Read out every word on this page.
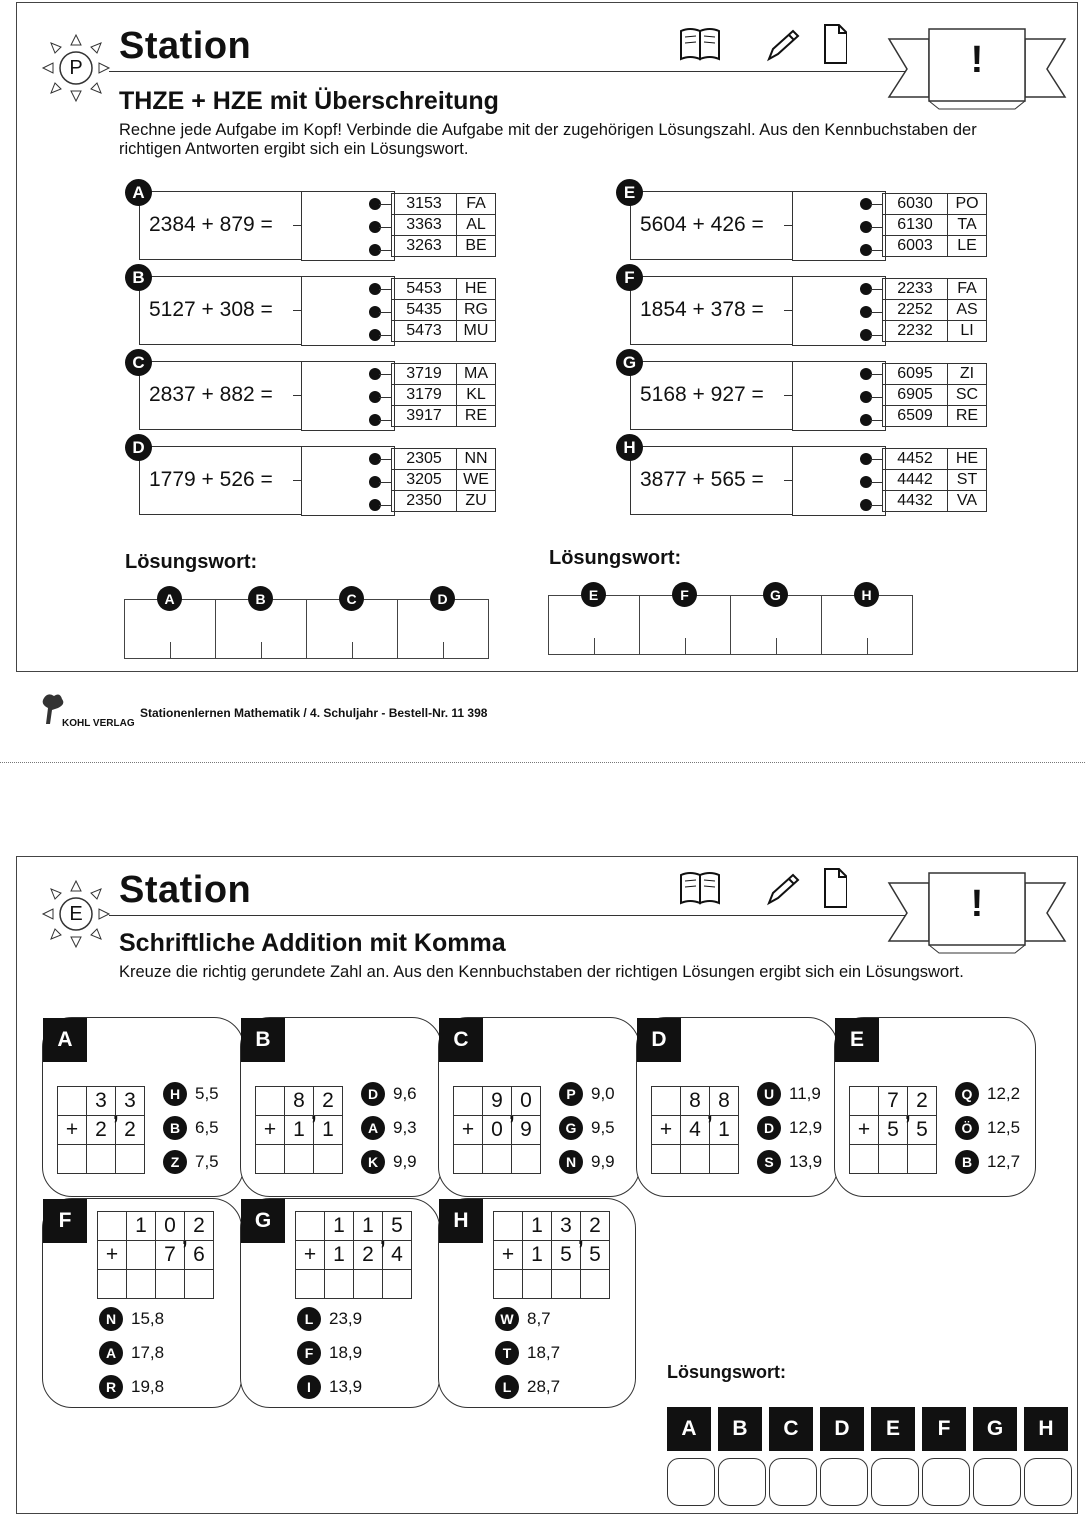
P
Station	!
THZE + HZE mit Überschreitung
Rechne jede Aufgabe im Kopf! Verbinde die Aufgabe mit der zugehörigen Lösungszahl. Aus den Kennbuchstaben der richtigen Antworten ergibt sich ein Lösungswort.
A
2384 + 879 =
3153	FA
3363	AL
3263	BE
B
5127 + 308 =
5453	HE
5435	RG
5473	MU
C
2837 + 882 =
3719	MA
3179	KL
3917	RE
D
1779 + 526 =
2305	NN
3205	WE
2350	ZU
E
5604 + 426 =
6030	PO
6130	TA
6003	LE
F
1854 + 378 =
2233	FA
2252	AS
2232	LI
G
5168 + 927 =
6095	ZI
6905	SC
6509	RE
H
3877 + 565 =
4452	HE
4442	ST
4432	VA
Lösungswort:	Lösungswort:
A	B	C	D	E	F	G	H
KOHL VERLAG
Stationenlernen Mathematik / 4. Schuljahr - Bestell-Nr. 11 398
E
Station	!
Schriftliche Addition mit Komma
Kreuze die richtig gerundete Zahl an. Aus den Kennbuchstaben der richtigen Lösungen ergibt sich ein Lösungswort.
A
	3	3
+	2	2

,
H 5,5
B 6,5
Z 7,5
B
	8	2
+	1	1

,
D 9,6
A 9,3
K 9,9
C
	9	0
+	0	9

,
P 9,0
G 9,5
N 9,9
D
	8	8
+	4	1

,
U 11,9
D 12,9
S 13,9
E
	7	2
+	5	5

,
Q 12,2
Ö 12,5
B 12,7
F
		1	0	2
+		7	6

,
N 15,8
A 17,8
R 19,8
G
		1	1	5
+	1	2	4

,
L 23,9
F 18,9
I	13,9
H
		1	3	2
+	1	5	5

,
W 8,7
T 18,7
L 28,7
Lösungswort:
A	B	C	D	E	F	G	H
